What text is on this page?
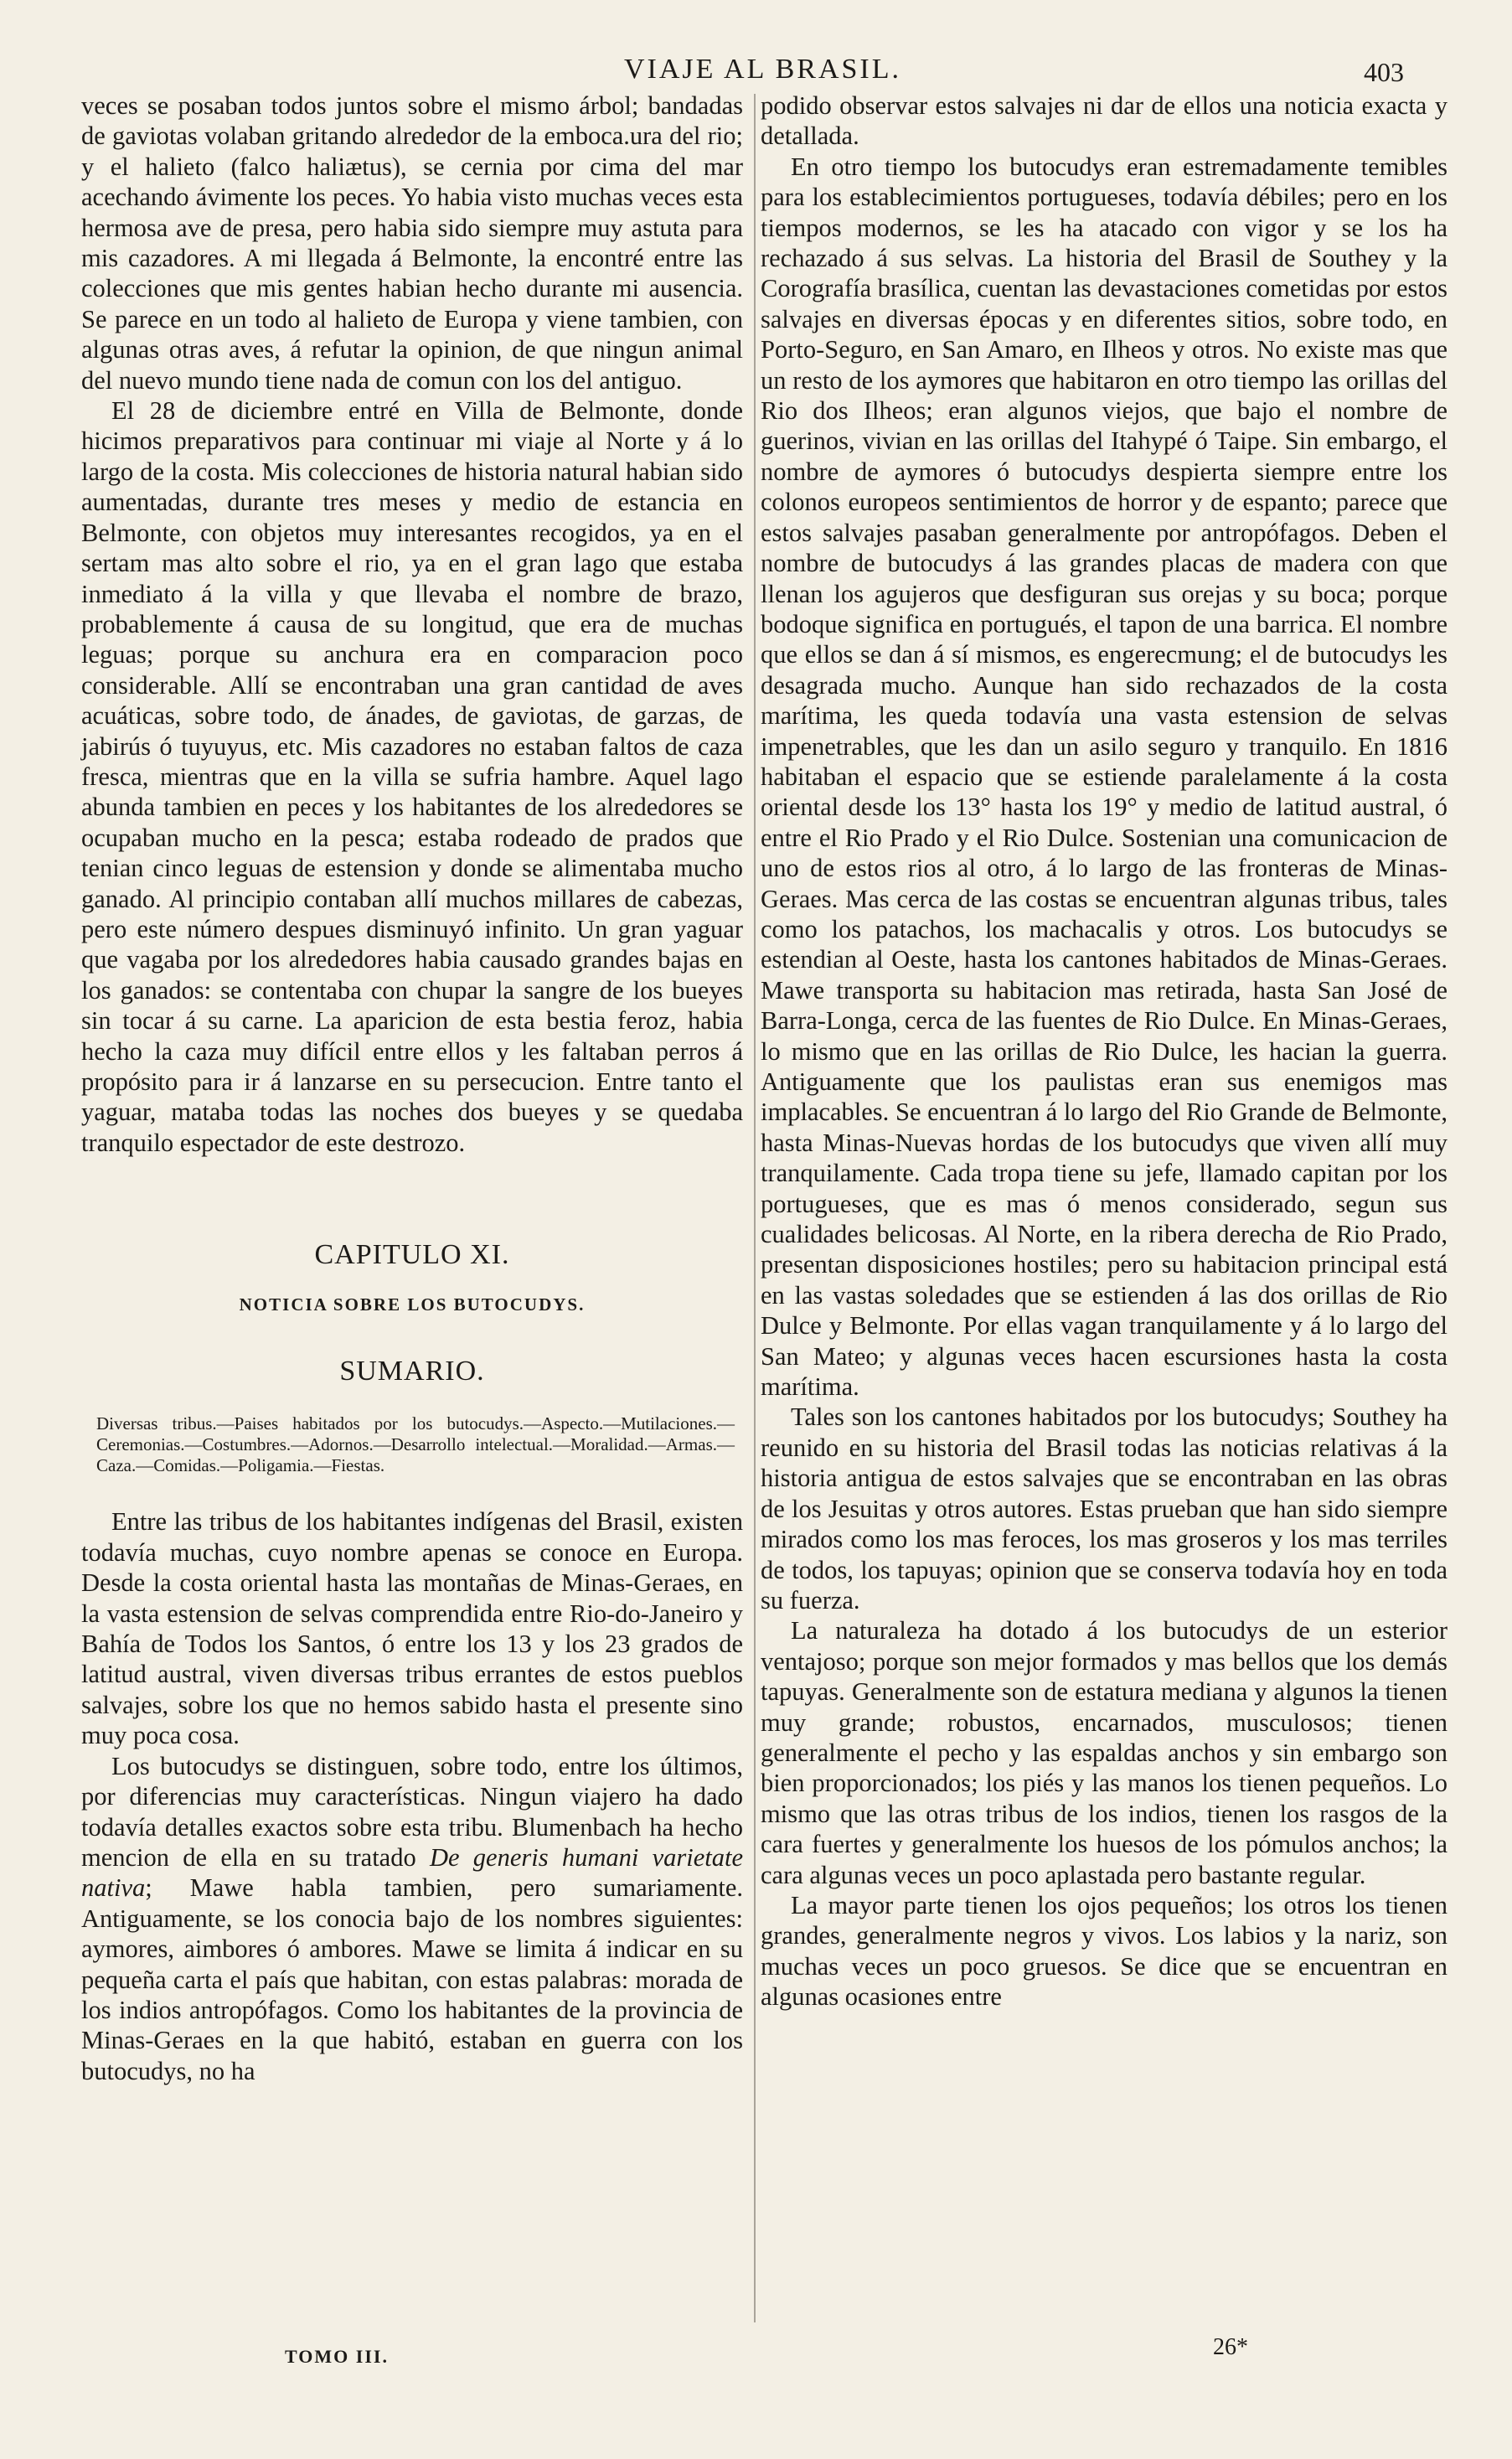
VIAJE AL BRASIL.	403

veces se posaban todos juntos sobre el mismo árbol; bandadas de gaviotas volaban gritando alrededor de la emboca.ura del rio; y el halieto (falco haliætus), se cernia por cima del mar acechando ávimente los peces. Yo habia visto muchas veces esta hermosa ave de presa, pero habia sido siempre muy astuta para mis cazadores. A mi llegada á Belmonte, la encontré entre las colecciones que mis gentes habian hecho durante mi ausencia. Se parece en un todo al halieto de Europa y viene tambien, con algunas otras aves, á refutar la opinion, de que ningun animal del nuevo mundo tiene nada de comun con los del antiguo.

El 28 de diciembre entré en Villa de Belmonte, donde hicimos preparativos para continuar mi viaje al Norte y á lo largo de la costa. Mis colecciones de historia natural habian sido aumentadas, durante tres meses y medio de estancia en Belmonte, con objetos muy interesantes recogidos, ya en el sertam mas alto sobre el rio, ya en el gran lago que estaba inmediato á la villa y que llevaba el nombre de brazo, probablemente á causa de su longitud, que era de muchas leguas; porque su anchura era en comparacion poco considerable. Allí se encontraban una gran cantidad de aves acuáticas, sobre todo, de ánades, de gaviotas, de garzas, de jabirús ó tuyuyus, etc. Mis cazadores no estaban faltos de caza fresca, mientras que en la villa se sufria hambre. Aquel lago abunda tambien en peces y los habitantes de los alrededores se ocupaban mucho en la pesca; estaba rodeado de prados que tenian cinco leguas de estension y donde se alimentaba mucho ganado. Al principio contaban allí muchos millares de cabezas, pero este número despues disminuyó infinito. Un gran yaguar que vagaba por los alrededores habia causado grandes bajas en los ganados: se contentaba con chupar la sangre de los bueyes sin tocar á su carne. La aparicion de esta bestia feroz, habia hecho la caza muy difícil entre ellos y les faltaban perros á propósito para ir á lanzarse en su persecucion. Entre tanto el yaguar, mataba todas las noches dos bueyes y se quedaba tranquilo espectador de este destrozo.

CAPITULO XI.
NOTICIA SOBRE LOS BUTOCUDYS.
SUMARIO.
Diversas tribus.—Paises habitados por los butocudys.—Aspecto.—Mutilaciones.—Ceremonias.—Costumbres.—Adornos.—Desarrollo intelectual.—Moralidad.—Armas.—Caza.—Comidas.—Poligamia.—Fiestas.

Entre las tribus de los habitantes indígenas del Brasil, existen todavía muchas, cuyo nombre apenas se conoce en Europa. Desde la costa oriental hasta las montañas de Minas-Geraes, en la vasta estension de selvas comprendida entre Rio-do-Janeiro y Bahía de Todos los Santos, ó entre los 13 y los 23 grados de latitud austral, viven diversas tribus errantes de estos pueblos salvajes, sobre los que no hemos sabido hasta el presente sino muy poca cosa.

Los butocudys se distinguen, sobre todo, entre los últimos, por diferencias muy características. Ningun viajero ha dado todavía detalles exactos sobre esta tribu. Blumenbach ha hecho mencion de ella en su tratado De generis humani varietate nativa; Mawe habla tambien, pero sumariamente. Antiguamente, se los conocia bajo de los nombres siguientes: aymores, aimbores ó ambores. Mawe se limita á indicar en su pequeña carta el país que habitan, con estas palabras: morada de los indios antropófagos. Como los habitantes de la provincia de Minas-Geraes en la que habitó, estaban en guerra con los butocudys, no ha

podido observar estos salvajes ni dar de ellos una noticia exacta y detallada.

En otro tiempo los butocudys eran estremadamente temibles para los establecimientos portugueses, todavía débiles; pero en los tiempos modernos, se les ha atacado con vigor y se los ha rechazado á sus selvas. La historia del Brasil de Southey y la Corografía brasílica, cuentan las devastaciones cometidas por estos salvajes en diversas épocas y en diferentes sitios, sobre todo, en Porto-Seguro, en San Amaro, en Ilheos y otros. No existe mas que un resto de los aymores que habitaron en otro tiempo las orillas del Rio dos Ilheos; eran algunos viejos, que bajo el nombre de guerinos, vivian en las orillas del Itahypé ó Taipe. Sin embargo, el nombre de aymores ó butocudys despierta siempre entre los colonos europeos sentimientos de horror y de espanto; parece que estos salvajes pasaban generalmente por antropófagos. Deben el nombre de butocudys á las grandes placas de madera con que llenan los agujeros que desfiguran sus orejas y su boca; porque bodoque significa en portugués, el tapon de una barrica. El nombre que ellos se dan á sí mismos, es engerecmung; el de butocudys les desagrada mucho. Aunque han sido rechazados de la costa marítima, les queda todavía una vasta estension de selvas impenetrables, que les dan un asilo seguro y tranquilo. En 1816 habitaban el espacio que se estiende paralelamente á la costa oriental desde los 13° hasta los 19° y medio de latitud austral, ó entre el Rio Prado y el Rio Dulce. Sostenian una comunicacion de uno de estos rios al otro, á lo largo de las fronteras de Minas-Geraes. Mas cerca de las costas se encuentran algunas tribus, tales como los patachos, los machacalis y otros. Los butocudys se estendian al Oeste, hasta los cantones habitados de Minas-Geraes. Mawe transporta su habitacion mas retirada, hasta San José de Barra-Longa, cerca de las fuentes de Rio Dulce. En Minas-Geraes, lo mismo que en las orillas de Rio Dulce, les hacian la guerra. Antiguamente que los paulistas eran sus enemigos mas implacables. Se encuentran á lo largo del Rio Grande de Belmonte, hasta Minas-Nuevas hordas de los butocudys que viven allí muy tranquilamente. Cada tropa tiene su jefe, llamado capitan por los portugueses, que es mas ó menos considerado, segun sus cualidades belicosas. Al Norte, en la ribera derecha de Rio Prado, presentan disposiciones hostiles; pero su habitacion principal está en las vastas soledades que se estienden á las dos orillas de Rio Dulce y Belmonte. Por ellas vagan tranquilamente y á lo largo del San Mateo; y algunas veces hacen escursiones hasta la costa marítima.

Tales son los cantones habitados por los butocudys; Southey ha reunido en su historia del Brasil todas las noticias relativas á la historia antigua de estos salvajes que se encontraban en las obras de los Jesuitas y otros autores. Estas prueban que han sido siempre mirados como los mas feroces, los mas groseros y los mas terriles de todos, los tapuyas; opinion que se conserva todavía hoy en toda su fuerza.

La naturaleza ha dotado á los butocudys de un esterior ventajoso; porque son mejor formados y mas bellos que los demás tapuyas. Generalmente son de estatura mediana y algunos la tienen muy grande; robustos, encarnados, musculosos; tienen generalmente el pecho y las espaldas anchos y sin embargo son bien proporcionados; los piés y las manos los tienen pequeños. Lo mismo que las otras tribus de los indios, tienen los rasgos de la cara fuertes y generalmente los huesos de los pómulos anchos; la cara algunas veces un poco aplastada pero bastante regular.

La mayor parte tienen los ojos pequeños; los otros los tienen grandes, generalmente negros y vivos. Los labios y la nariz, son muchas veces un poco gruesos. Se dice que se encuentran en algunas ocasiones entre

TOMO III.	26*
